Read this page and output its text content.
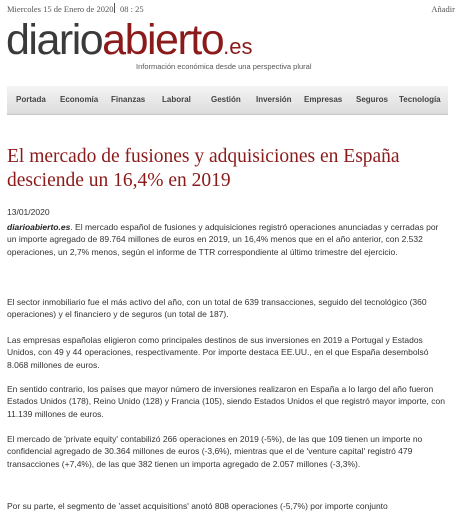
Miercoles 15 de Enero de 2020 08 : 25	Añadir
diarioabierto.es
Información económica desde una perspectiva plural
Portada Economía Finanzas Laboral	Gestión Inversión Empresas Seguros Tecnología
El mercado de fusiones y adquisiciones en España desciende un 16,4% en 2019
13/01/2020

diarioabierto.es. El mercado español de fusiones y adquisiciones registró operaciones anunciadas y cerradas por un importe agregado de 89.764 millones de euros en 2019, un 16,4% menos que en el año anterior, con 2.532 operaciones, un 2,7% menos, según el informe de TTR correspondiente al último trimestre del ejercicio.

El sector inmobiliario fue el más activo del año, con un total de 639 transacciones, seguido del tecnológico (360 operaciones) y el financiero y de seguros (un total de 187).

Las empresas españolas eligieron como principales destinos de sus inversiones en 2019 a Portugal y Estados Unidos, con 49 y 44 operaciones, respectivamente. Por importe destaca EE.UU., en el que España desembolsó 8.068 millones de euros.

En sentido contrario, los países que mayor número de inversiones realizaron en España a lo largo del año fueron Estados Unidos (178), Reino Unido (128) y Francia (105), siendo Estados Unidos el que registró mayor importe, con 11.139 millones de euros.

El mercado de 'private equity' contabilizó 266 operaciones en 2019 (-5%), de las que 109 tienen un importe no confidencial agregado de 30.364 millones de euros (-3,6%), mientras que el de 'venture capital' registró 479 transacciones (+7,4%), de las que 382 tienen un importa agregado de 2.057 millones (-3,3%).

Por su parte, el segmento de 'asset acquisitions' anotó 808 operaciones (-5,7%) por importe conjunto
